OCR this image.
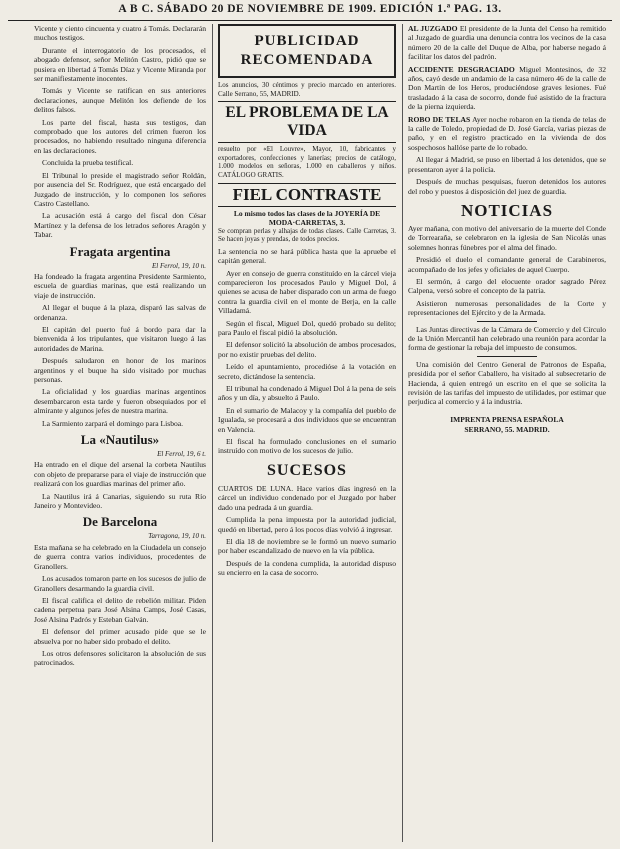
A B C. SÁBADO 20 DE NOVIEMBRE DE 1909. EDICIÓN 1.ª PAG. 13.

Vicente y ciento cincuenta y cuatro á Tomás. Declararán muchos testigos.

Durante el interrogatorio de los procesados, el abogado defensor, señor Melitón Castro, pidió que se pusiera en libertad á Tomás Díaz y Vicente Miranda por ser manifiestamente inocentes.

Tomás y Vicente se ratifican en sus anteriores declaraciones, aunque Melitón los defiende de los delitos falsos.

Los parte del fiscal, hasta sus testigos, dan comprobado que los autores del crimen fueron los procesados, no habiendo resultado ninguna diferencia en las declaraciones.

Concluida la prueba testifical.

El Tribunal lo preside el magistrado señor Roldán, por ausencia del Sr. Rodríguez, que está encargado del Juzgado de instrucción, y lo componen los señores Castro Castellano.

La acusación está á cargo del fiscal don César Martínez y la defensa de los letrados señores Aragón y Tabar.

Fragata argentina
El Ferrol, 19, 10 n.

Ha fondeado la fragata argentina Presidente Sarmiento, escuela de guardias marinas, que está realizando un viaje de instrucción.

Al llegar el buque á la plaza, disparó las salvas de ordenanza.

El capitán del puerto fué á bordo para dar la bienvenida á los tripulantes, que visitaron luego á las autoridades de Marina.

Después saludaron en honor de los marinos argentinos y el buque ha sido visitado por muchas personas.

La oficialidad y los guardias marinas argentinos desembarcaron esta tarde y fueron obsequiados por el almirante y algunos jefes de nuestra marina.

La Sarmiento zarpará el domingo para Lisboa.

La «Nautilus»
El Ferrol, 19, 6 t.

Ha entrado en el dique del arsenal la corbeta Nautilus con objeto de prepararse para el viaje de instrucción que realizará con los guardias marinas del primer año.

La Nautilus irá á Canarias, siguiendo su ruta Río Janeiro y Montevideo.

De Barcelona
Tarragona, 19, 10 n.

Esta mañana se ha celebrado en la Ciudadela un consejo de guerra contra varios individuos, procedentes de Granollers.

Los acusados tomaron parte en los sucesos de julio de Granollers desarmando la guardia civil.

El fiscal califica el delito de rebelión militar. Piden cadena perpetua para José Alsina Camps, José Casas, José Alsina Padrós y Esteban Galván.

El defensor del primer acusado pide que se le absuelva por no haber sido probado el delito.

Los otros defensores solicitaron la absolución de sus patrocinados.

PUBLICIDAD
RECOMENDADA
Los anuncios, 30 céntimos y precio marcado en anteriores. Calle Serrano, 55, MADRID.
EL PROBLEMA DE LA VIDA
resuelto por «El Louvre», Mayor, 10, fabricantes y exportadores, confecciones y lanerías; precios de catálogo, 1.000 modelos en señoras, 1.000 en caballeros y niños. CATÁLOGO GRATIS.
FIEL CONTRASTE
Lo mismo todos las clases de la JOYERÍA DE MODA·CARRETAS, 3.
Se compran perlas y alhajas de todas clases. Calle Carretas, 3. Se hacen joyas y prendas, de todos precios.

La sentencia no se hará pública hasta que la apruebe el capitán general.

Ayer en consejo de guerra constituído en la cárcel vieja comparecieron los procesados Paulo y Miguel Dol, á quienes se acusa de haber disparado con un arma de fuego contra la guardia civil en el monte de Berja, en la calle Villadamá.

Según el fiscal, Miguel Dol, quedó probado su delito; para Paulo el fiscal pidió la absolución.

El defensor solicitó la absolución de ambos procesados, por no existir pruebas del delito.

Leído el apuntamiento, procedióse á la votación en secreto, dictándose la sentencia.

El tribunal ha condenado á Miguel Dol á la pena de seis años y un día, y absuelto á Paulo.

En el sumario de Malacoy y la compañía del pueblo de Igualada, se procesará a dos individuos que se encuentran en Valencia.

El fiscal ha formulado conclusiones en el sumario instruído con motivo de los sucesos de julio.

SUCESOS

CUARTOS DE LUNA. Hace varios días ingresó en la cárcel un individuo condenado por el Juzgado por haber dado una pedrada á un guardia.

Cumplida la pena impuesta por la autoridad judicial, quedó en libertad, pero á los pocos días volvió á ingresar.

El día 18 de noviembre se le formó un nuevo sumario por haber escandalizado de nuevo en la vía pública.

Después de la condena cumplida, la autoridad dispuso su encierro en la casa de socorro.

AL JUZGADO El presidente de la Junta del Censo ha remitido al Juzgado de guardia una denuncia contra los vecinos de la casa número 20 de la calle del Duque de Alba, por haberse negado á facilitar los datos del padrón.

ACCIDENTE DESGRACIADO Miguel Montesinos, de 32 años, cayó desde un andamio de la casa número 46 de la calle de Don Martín de los Heros, produciéndose graves lesiones. Fué trasladado á la casa de socorro, donde fué asistido de la fractura de la pierna izquierda.

ROBO DE TELAS Ayer noche robaron en la tienda de telas de la calle de Toledo, propiedad de D. José García, varias piezas de paño, y en el registro practicado en la vivienda de dos sospechosos hallóse parte de lo robado.

Al llegar á Madrid, se puso en libertad á los detenidos, que se presentaron ayer á la policía.

Después de muchas pesquisas, fueron detenidos los autores del robo y puestos á disposición del juez de guardia.

NOTICIAS

Ayer mañana, con motivo del aniversario de la muerte del Conde de Torrearaña, se celebraron en la iglesia de San Nicolás unas solemnes honras fúnebres por el alma del finado.

Presidió el duelo el comandante general de Carabineros, acompañado de los jefes y oficiales de aquel Cuerpo.

El sermón, á cargo del elocuente orador sagrado Pérez Calpena, versó sobre el concepto de la patria.

Asistieron numerosas personalidades de la Corte y representaciones del Ejército y de la Armada.

Las Juntas directivas de la Cámara de Comercio y del Círculo de la Unión Mercantil han celebrado una reunión para acordar la forma de gestionar la rebaja del impuesto de consumos.

Una comisión del Centro General de Patronos de España, presidida por el señor Caballero, ha visitado al subsecretario de Hacienda, á quien entregó un escrito en el que se solicita la revisión de las tarifas del impuesto de utilidades, por estimar que perjudica al comercio y á la industria.

IMPRENTA PRENSA ESPAÑOLA
SERRANO, 55. MADRID.
